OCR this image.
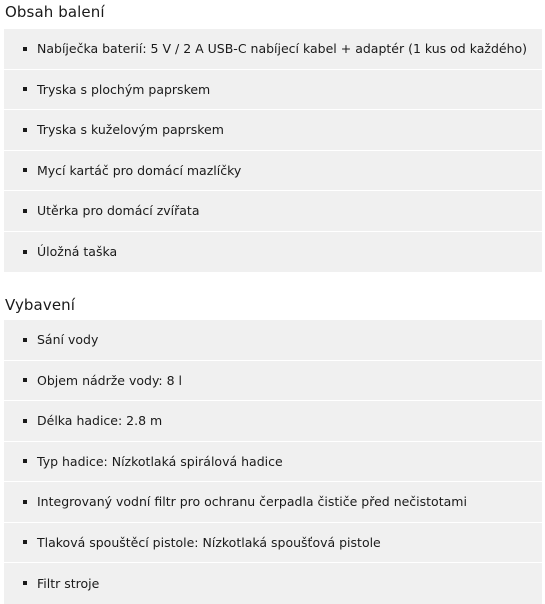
Obsah balení
Nabíječka baterií: 5 V / 2 A USB-C nabíjecí kabel + adaptér (1 kus od každého)
Tryska s plochým paprskem
Tryska s kuželovým paprskem
Mycí kartáč pro domácí mazlíčky
Utěrka pro domácí zvířata
Úložná taška
Vybavení
Sání vody
Objem nádrže vody: 8 l
Délka hadice: 2.8 m
Typ hadice: Nízkotlaká spirálová hadice
Integrovaný vodní filtr pro ochranu čerpadla čističe před nečistotami
Tlaková spouštěcí pistole: Nízkotlaká spoušťová pistole
Filtr stroje
